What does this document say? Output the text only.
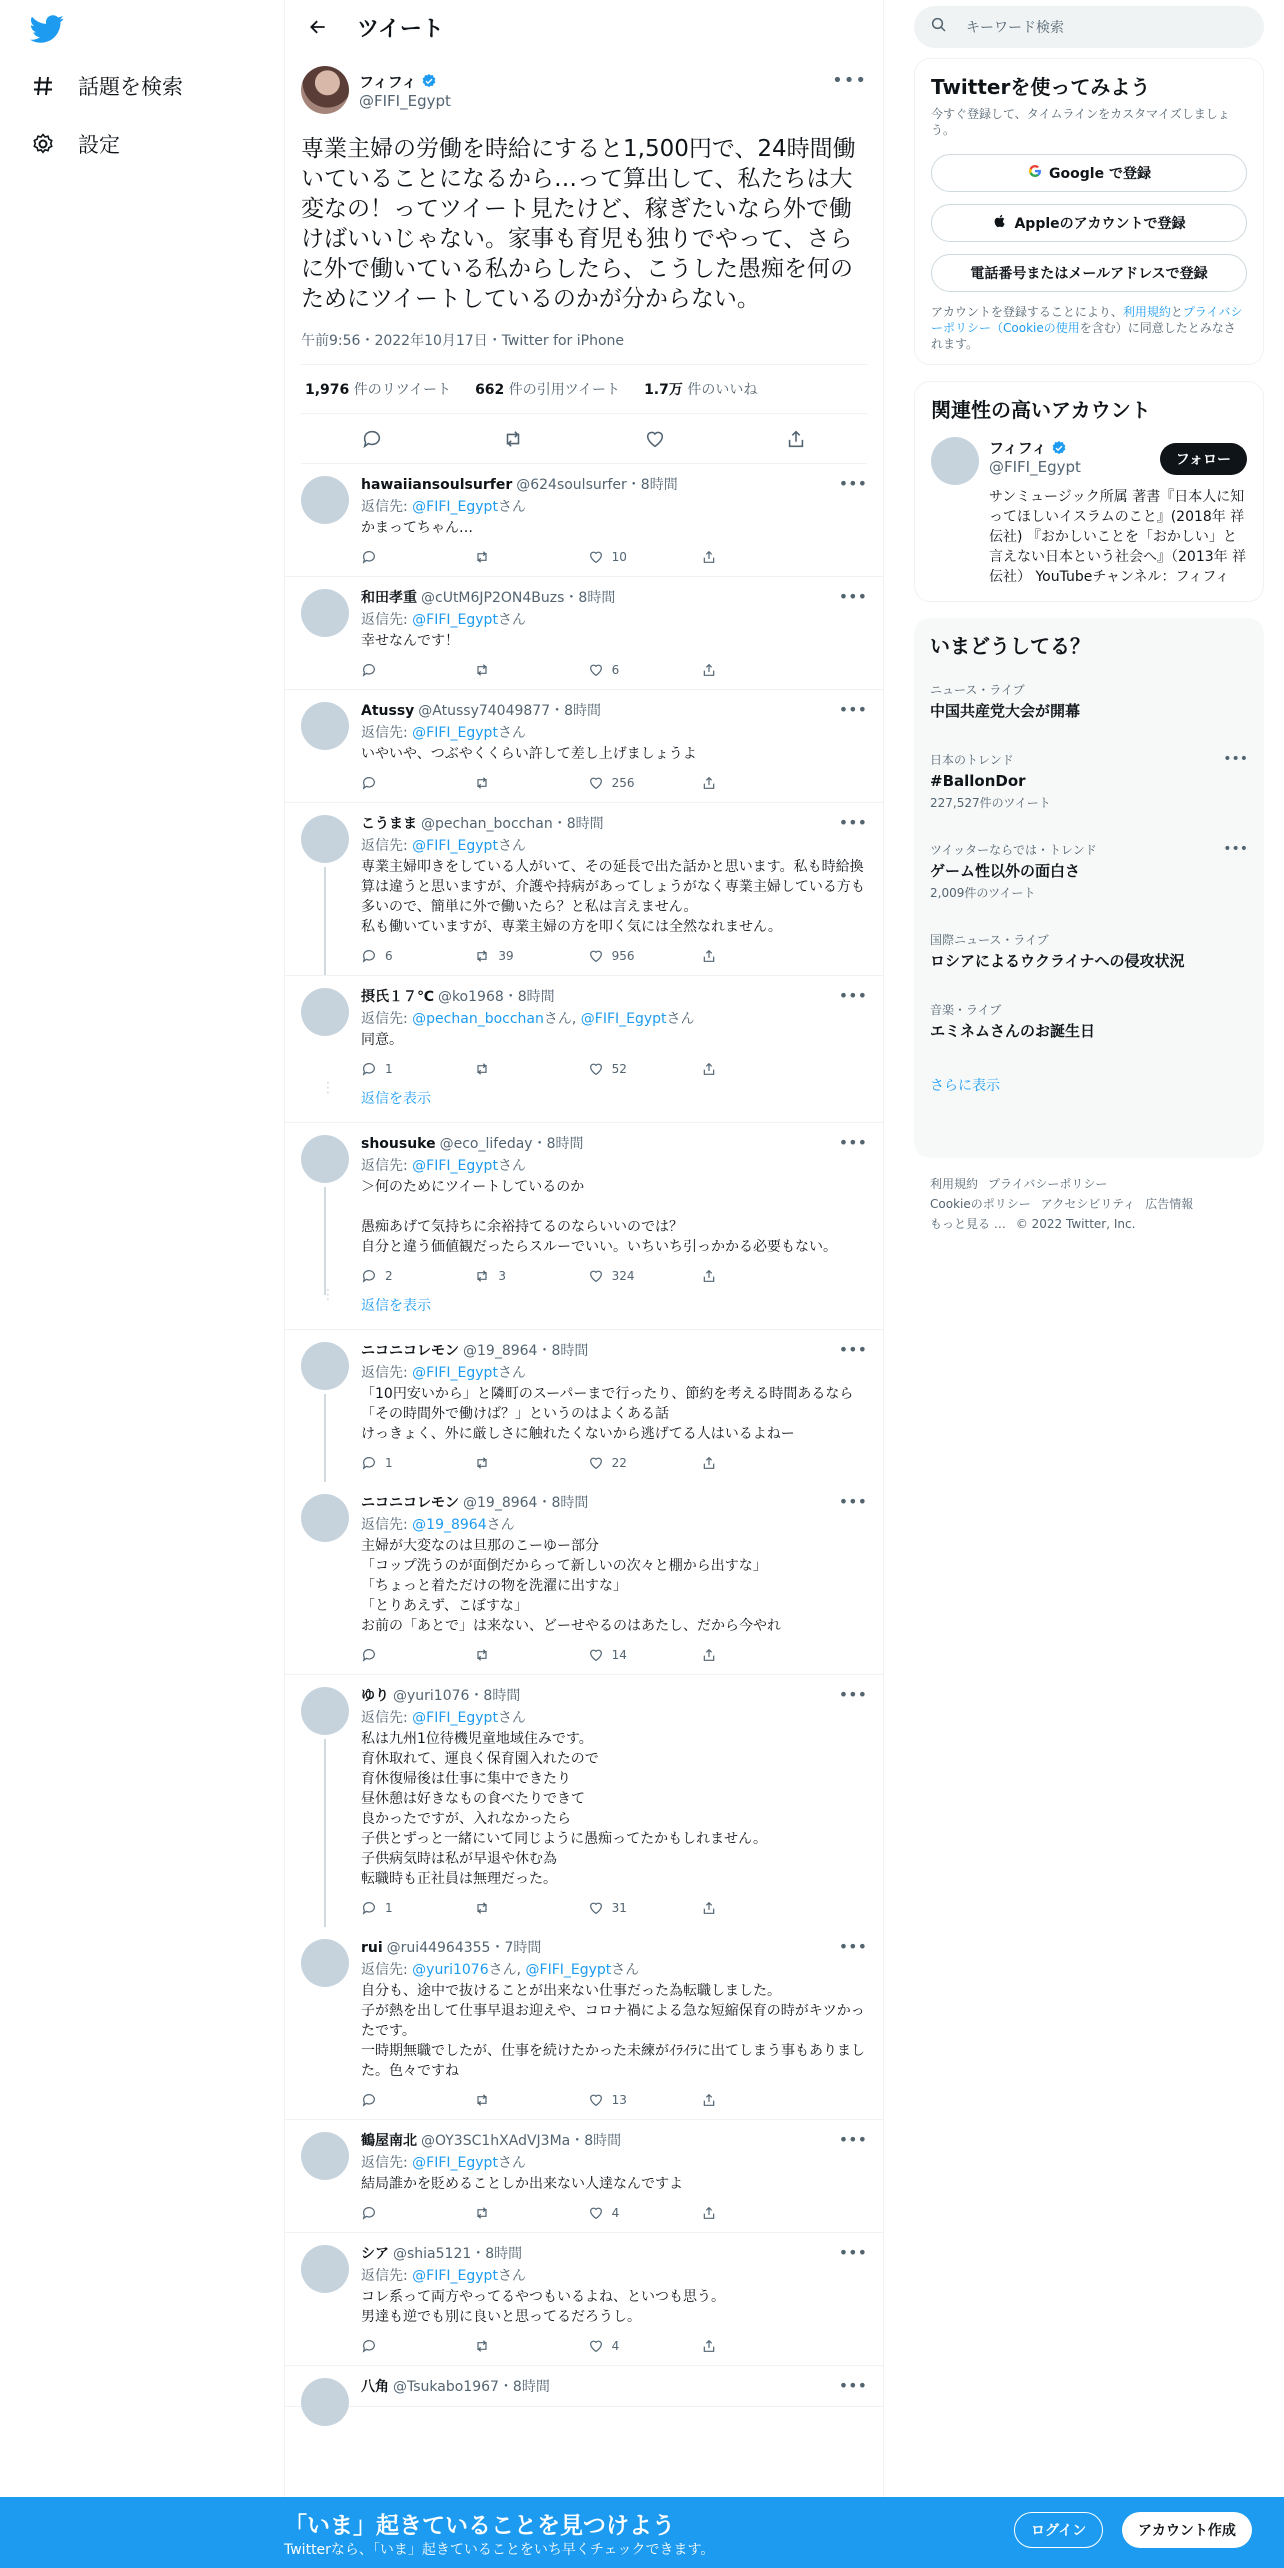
話題を検索
設定
ツイート
フィフィ
@FIFI_Egypt
•••
専業主婦の労働を時給にすると1,500円で、24時間働いていることになるから…って算出して、私たちは大変なの！ってツイート見たけど、稼ぎたいなら外で働けばいいじゃない。家事も育児も独りでやって、さらに外で働いている私からしたら、こうした愚痴を何のためにツイートしているのかが分からない。
午前9:56・2022年10月17日・Twitter for iPhone
1,976 件のリツイート 662 件の引用ツイート 1.7万 件のいいね
hawaiiansoulsurfer @624soulsurfer ・8時間	•••
返信先: @FIFI_Egyptさん
かまってちゃん…
10
和田孝重 @cUtM6JP2ON4Buzs ・8時間	•••
返信先: @FIFI_Egyptさん
幸せなんです！
6
Atussy @Atussy74049877 ・8時間	•••
返信先: @FIFI_Egyptさん
いやいや、つぶやくくらい許して差し上げましょうよ
256
こうまま @pechan_bocchan ・8時間	•••
返信先: @FIFI_Egyptさん
専業主婦叩きをしている人がいて、その延長で出た話かと思います。私も時給換算は違うと思いますが、介護や持病があってしょうがなく専業主婦している方も多いので、簡単に外で働いたら？と私は言えません。
私も働いていますが、専業主婦の方を叩く気には全然なれません。
6	39	956
摂氏１７℃ @ko1968 ・8時間	•••
返信先: @pechan_bocchanさん, @FIFI_Egyptさん
同意。
1	52
⋮
返信を表示
shousuke @eco_lifeday ・8時間	•••
返信先: @FIFI_Egyptさん
＞何のためにツイートしているのか

愚痴あげて気持ちに余裕持てるのならいいのでは？
自分と違う価値観だったらスルーでいい。いちいち引っかかる必要もない。
2	3	324
⋮
返信を表示
ニコニコレモン @19_8964 ・8時間	•••
返信先: @FIFI_Egyptさん
「10円安いから」と隣町のスーパーまで行ったり、節約を考える時間あるなら「その時間外で働けば？」というのはよくある話
けっきょく、外に厳しさに触れたくないから逃げてる人はいるよねー
1	22
ニコニコレモン @19_8964 ・8時間	•••
返信先: @19_8964さん
主婦が大変なのは旦那のこーゆー部分
「コップ洗うのが面倒だからって新しいの次々と棚から出すな」
「ちょっと着ただけの物を洗濯に出すな」
「とりあえず、こぼすな」
お前の「あとで」は来ない、どーせやるのはあたし、だから今やれ
14
ゆり @yuri1076 ・8時間	•••
返信先: @FIFI_Egyptさん
私は九州1位待機児童地域住みです。
育休取れて、運良く保育園入れたので
育休復帰後は仕事に集中できたり
昼休憩は好きなもの食べたりできて
良かったですが、入れなかったら
子供とずっと一緒にいて同じように愚痴ってたかもしれません。
子供病気時は私が早退や休む為
転職時も正社員は無理だった。
1	31
rui @rui44964355 ・7時間	•••
返信先: @yuri1076さん, @FIFI_Egyptさん
自分も、途中で抜けることが出来ない仕事だった為転職しました。
子が熱を出して仕事早退お迎えや、コロナ禍による急な短縮保育の時がキツかったです。
一時期無職でしたが、仕事を続けたかった未練がｲﾗｲﾗに出てしまう事もありました。色々ですね
13
鶴屋南北 @OY3SC1hXAdVJ3Ma ・8時間	•••
返信先: @FIFI_Egyptさん
結局誰かを貶めることしか出来ない人達なんですよ
4
シア @shia5121 ・8時間	•••
返信先: @FIFI_Egyptさん
コレ系って両方やってるやつもいるよね、といつも思う。
男達も逆でも別に良いと思ってるだろうし。
4
八角 @Tsukabo1967 ・8時間	•••
キーワード検索
Twitterを使ってみよう
今すぐ登録して、タイムラインをカスタマイズしましょう。
Google で登録
Appleのアカウントで登録
電話番号またはメールアドレスで登録
アカウントを登録することにより、利用規約とプライバシーポリシー（Cookieの使用を含む）に同意したとみなされます。
関連性の高いアカウント
フィフィ
@FIFI_Egypt	フォロー
サンミュージック所属 著書『日本人に知ってほしいイスラムのこと』(2018年 祥伝社) 『おかしいことを「おかしい」と言えない日本という社会へ』（2013年 祥伝社） YouTubeチャンネル：フィフィ
いまどうしてる？
ニュース・ライブ
中国共産党大会が開幕
日本のトレンド
#BallonDor
227,527件のツイート
•••
ツイッターならでは・トレンド
ゲーム性以外の面白さ
2,009件のツイート
•••
国際ニュース・ライブ
ロシアによるウクライナへの侵攻状況
音楽・ライブ
エミネムさんのお誕生日
さらに表示
利用規約 プライバシーポリシー
Cookieのポリシー アクセシビリティ 広告情報
もっと見る … © 2022 Twitter, Inc.
「いま」起きていることを見つけよう
Twitterなら、「いま」起きていることをいち早くチェックできます。
ログイン	アカウント作成
